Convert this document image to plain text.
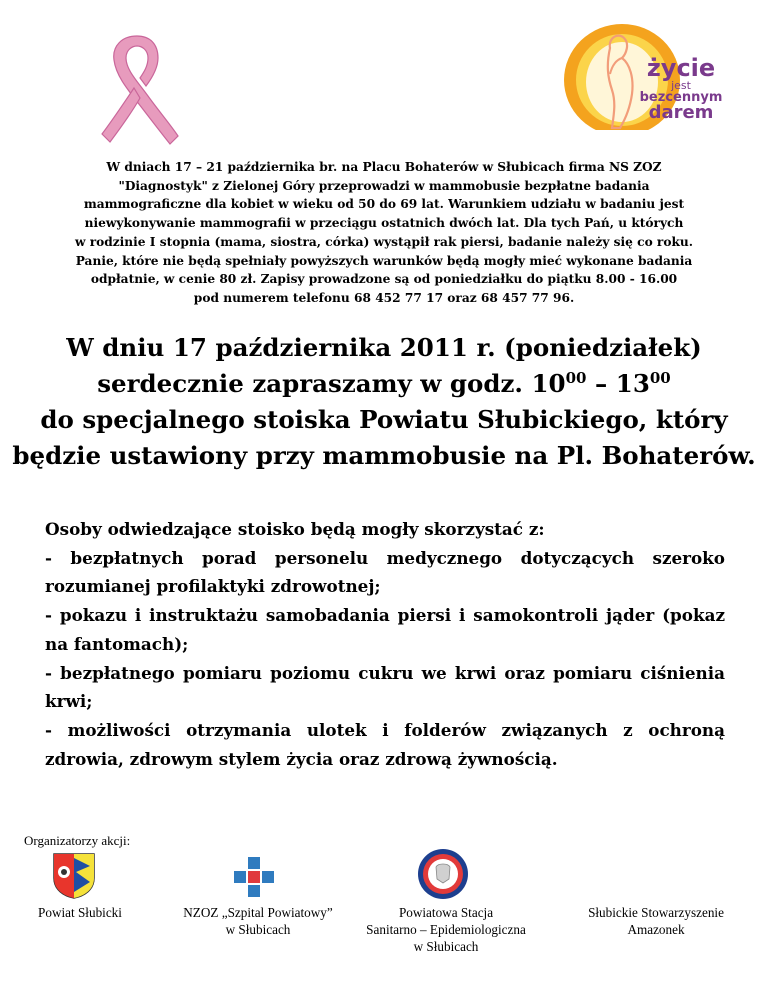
życie
jest
bezcennym
darem
W dniach 17 – 21 października br. na Placu Bohaterów w Słubicach firma NS ZOZ
"Diagnostyk" z Zielonej Góry przeprowadzi w mammobusie bezpłatne badania
mammograficzne dla kobiet w wieku od 50 do 69 lat. Warunkiem udziału w badaniu jest
niewykonywanie mammografii w przeciągu ostatnich dwóch lat. Dla tych Pań, u których
w rodzinie I stopnia (mama, siostra, córka) wystąpił rak piersi, badanie należy się co roku.
Panie, które nie będą spełniały powyższych warunków będą mogły mieć wykonane badania
odpłatnie, w cenie 80 zł. Zapisy prowadzone są od poniedziałku do piątku 8.00 - 16.00
pod numerem telefonu 68 452 77 17 oraz 68 457 77 96.
W dniu 17 października 2011 r. (poniedziałek)
serdecznie zapraszamy w godz. $10^{00} - 13^{00}$
do specjalnego stoiska Powiatu Słubickiego, który
będzie ustawiony przy mammobusie na Pl. Bohaterów.
Osoby odwiedzające stoisko będą mogły skorzystać z:
- bezpłatnych porad personelu medycznego dotyczących szeroko rozumianej profilaktyki zdrowotnej;
- pokazu i instruktażu samobadania piersi i samokontroli jąder (pokaz na fantomach);
- bezpłatnego pomiaru poziomu cukru we krwi oraz pomiaru ciśnienia krwi;
- możliwości otrzymania ulotek i folderów związanych z ochroną zdrowia, zdrowym stylem życia oraz zdrową żywnością.
Organizatorzy akcji:
Powiat Słubicki	NZOZ „Szpital Powiatowy”
w Słubicach
Powiatowa Stacja
Sanitarno – Epidemiologiczna
w Słubicach
Słubickie Stowarzyszenie
Amazonek
